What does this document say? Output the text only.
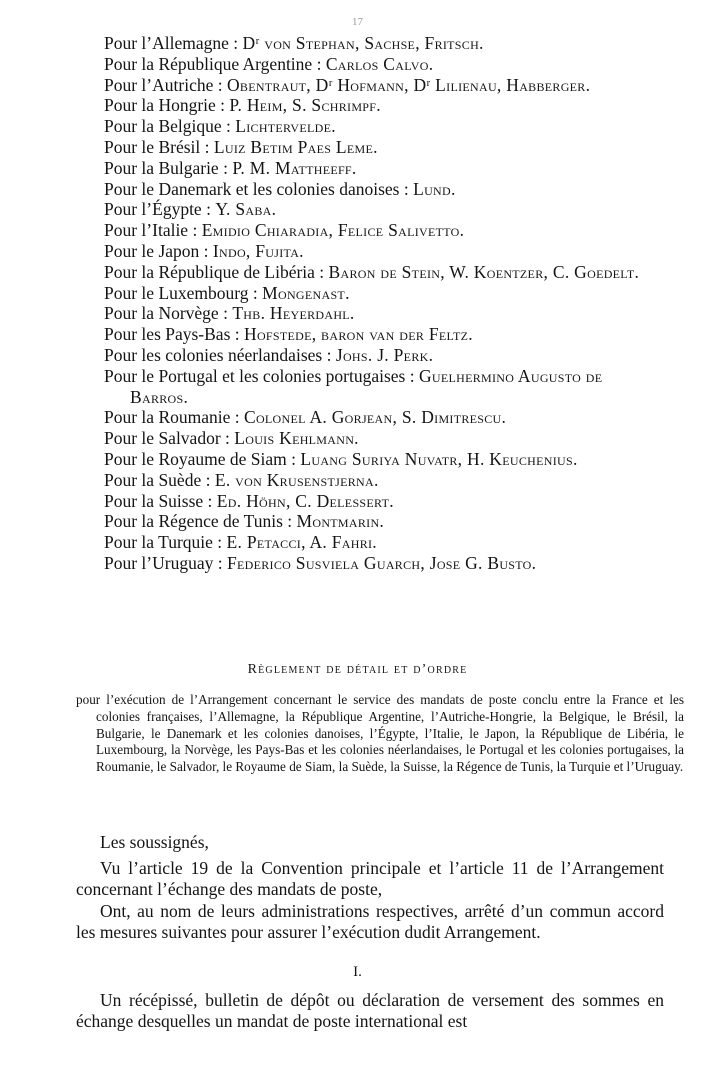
17
Pour l’Allemagne : Dʳ von Stephan, Sachse, Fritsch.
Pour la République Argentine : Carlos Calvo.
Pour l’Autriche : Obentraut, Dʳ Hofmann, Dʳ Lilienau, Habberger.
Pour la Hongrie : P. Heim, S. Schrimpf.
Pour la Belgique : Lichtervelde.
Pour le Brésil : Luiz Betim Paes Leme.
Pour la Bulgarie : P. M. Mattheeff.
Pour le Danemark et les colonies danoises : Lund.
Pour l’Égypte : Y. Saba.
Pour l’Italie : Emidio Chiaradia, Felice Salivetto.
Pour le Japon : Indo, Fujita.
Pour la République de Libéria : Baron de Stein, W. Koentzer, C. Goedelt.
Pour le Luxembourg : Mongenast.
Pour la Norvège : Thb. Heyerdahl.
Pour les Pays-Bas : Hofstede, baron van der Feltz.
Pour les colonies néerlandaises : Johs. J. Perk.
Pour le Portugal et les colonies portugaises : Guelhermino Augusto de Barros.
Pour la Roumanie : Colonel A. Gorjean, S. Dimitrescu.
Pour le Salvador : Louis Kehlmann.
Pour le Royaume de Siam : Luang Suriya Nuvatr, H. Keuchenius.
Pour la Suède : E. von Krusenstjerna.
Pour la Suisse : Ed. Höhn, C. Delessert.
Pour la Régence de Tunis : Montmarin.
Pour la Turquie : E. Petacci, A. Fahri.
Pour l’Uruguay : Federico Susviela Guarch, Jose G. Busto.
Règlement de détail et d’ordre
pour l’exécution de l’Arrangement concernant le service des mandats de poste conclu entre la France et les colonies françaises, l’Allemagne, la République Argentine, l’Autriche-Hongrie, la Belgique, le Brésil, la Bulgarie, le Danemark et les colonies danoises, l’Égypte, l’Italie, le Japon, la République de Libéria, le Luxembourg, la Norvège, les Pays-Bas et les colonies néerlandaises, le Portugal et les colonies portugaises, la Roumanie, le Salvador, le Royaume de Siam, la Suède, la Suisse, la Régence de Tunis, la Turquie et l’Uruguay.
Les soussignés,
Vu l’article 19 de la Convention principale et l’article 11 de l’Arrangement concernant l’échange des mandats de poste,
Ont, au nom de leurs administrations respectives, arrêté d’un commun accord les mesures suivantes pour assurer l’exécution dudit Arrangement.
I.
Un récépissé, bulletin de dépôt ou déclaration de versement des sommes en échange desquelles un mandat de poste international est
